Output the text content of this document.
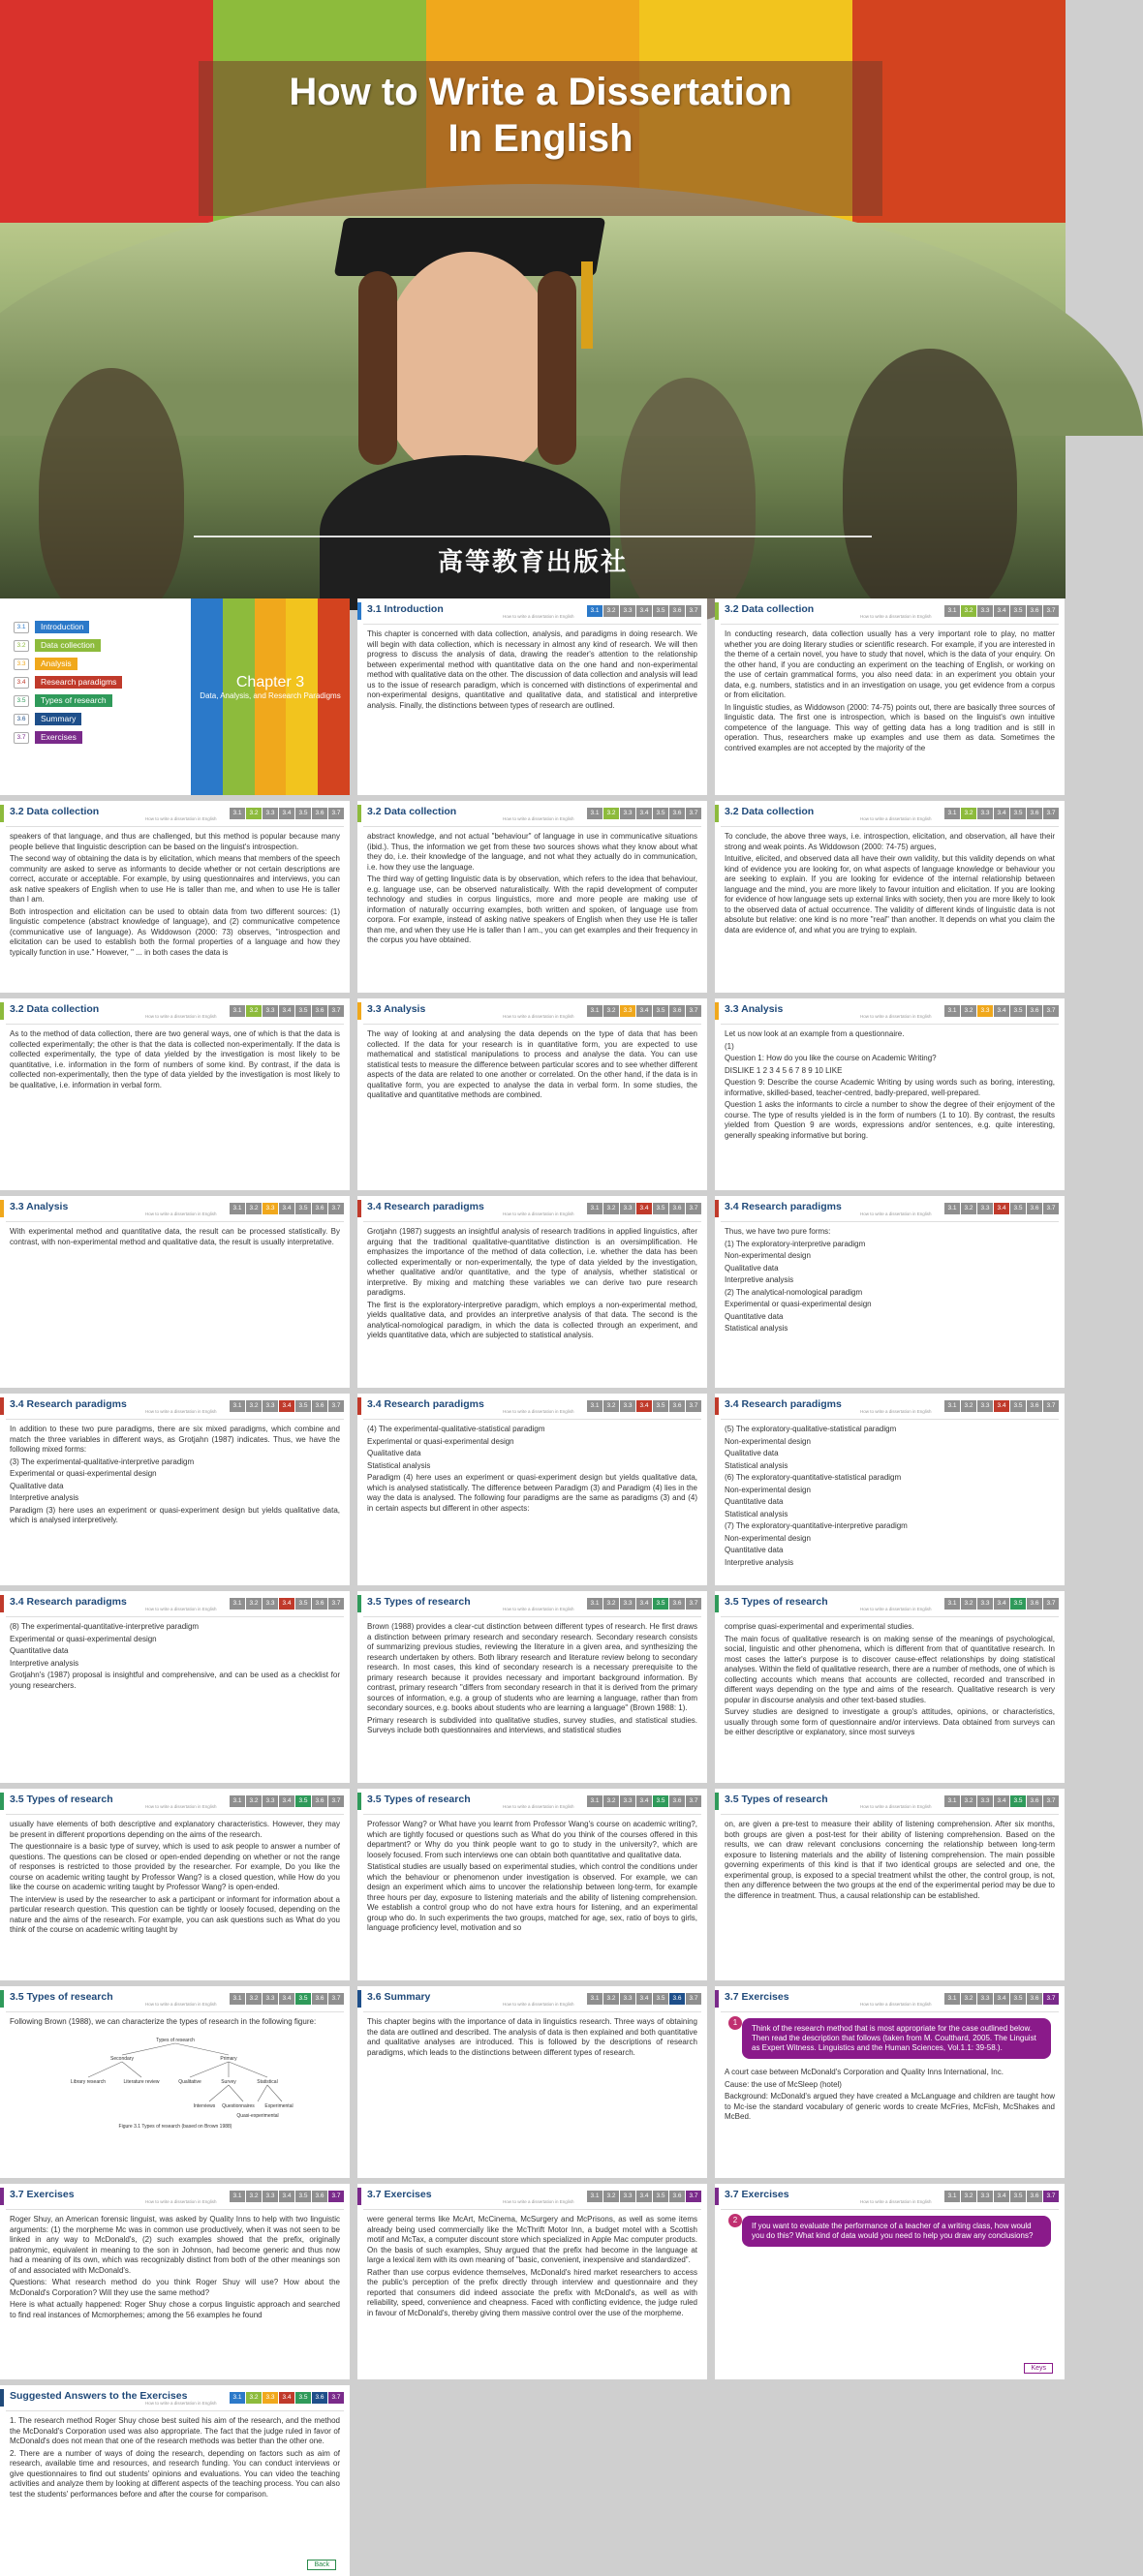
How to Write a Dissertation
In English
高等教育出版社
3.1	Introduction
3.2	Data collection
3.3	Analysis
3.4	Research paradigms
3.5	Types of research
3.6	Summary
3.7	Exercises
Chapter 3
Data, Analysis, and Research Paradigms
3.1 Introduction
How to write a dissertation in English
3.1	3.2	3.3	3.4	3.5	3.6	3.7

This chapter is concerned with data collection, analysis, and paradigms in doing research. We will begin with data collection, which is necessary in almost any kind of research. We will then progress to discuss the analysis of data, drawing the reader's attention to the relationship between experimental method with quantitative data on the one hand and non-experimental method with qualitative data on the other. The discussion of data collection and analysis will lead us to the issue of research paradigm, which is concerned with distinctions of experimental and non-experimental designs, quantitative and qualitative data, and statistical and interpretive analysis. Finally, the distinctions between types of research are outlined.

3.2 Data collection
How to write a dissertation in English
3.1	3.2	3.3	3.4	3.5	3.6	3.7

In conducting research, data collection usually has a very important role to play, no matter whether you are doing literary studies or scientific research. For example, if you are interested in the theme of a certain novel, you have to study that novel, which is the data of your enquiry. On the other hand, if you are conducting an experiment on the teaching of English, or working on the use of certain grammatical forms, you also need data: in an experiment you obtain your data, e.g. numbers, statistics and in an investigation on usage, you get evidence from a corpus or from elicitation.

In linguistic studies, as Widdowson (2000: 74-75) points out, there are basically three sources of linguistic data. The first one is introspection, which is based on the linguist's own intuitive competence of the language. This way of getting data has a long tradition and is still in operation. Thus, researchers make up examples and use them as data. Sometimes the contrived examples are not accepted by the majority of the

3.2 Data collection
How to write a dissertation in English
3.1	3.2	3.3	3.4	3.5	3.6	3.7

speakers of that language, and thus are challenged, but this method is popular because many people believe that linguistic description can be based on the linguist's introspection.

The second way of obtaining the data is by elicitation, which means that members of the speech community are asked to serve as informants to decide whether or not certain descriptions are correct, accurate or acceptable. For example, by using questionnaires and interviews, you can ask native speakers of English when to use He is taller than me, and when to use He is taller than I am.

Both introspection and elicitation can be used to obtain data from two different sources: (1) linguistic competence (abstract knowledge of language), and (2) communicative competence (communicative use of language). As Widdowson (2000: 73) observes, "introspection and elicitation can be used to establish both the formal properties of a language and how they typically function in use." However, " ... in both cases the data is

3.2 Data collection
How to write a dissertation in English
3.1	3.2	3.3	3.4	3.5	3.6	3.7

abstract knowledge, and not actual "behaviour" of language in use in communicative situations (ibid.). Thus, the information we get from these two sources shows what they know about what they do, i.e. their knowledge of the language, and not what they actually do in communication, i.e. how they use the language.

The third way of getting linguistic data is by observation, which refers to the idea that behaviour, e.g. language use, can be observed naturalistically. With the rapid development of computer technology and studies in corpus linguistics, more and more people are making use of information of naturally occurring examples, both written and spoken, of language use from corpora. For example, instead of asking native speakers of English when they use He is taller than me, and when they use He is taller than I am., you can get examples and their frequency in the corpus you have obtained.

3.2 Data collection
How to write a dissertation in English
3.1	3.2	3.3	3.4	3.5	3.6	3.7

To conclude, the above three ways, i.e. introspection, elicitation, and observation, all have their strong and weak points. As Widdowson (2000: 74-75) argues,

Intuitive, elicited, and observed data all have their own validity, but this validity depends on what kind of evidence you are looking for, on what aspects of language knowledge or behaviour you are seeking to explain. If you are looking for evidence of the internal relationship between language and the mind, you are more likely to favour intuition and elicitation. If you are looking for evidence of how language sets up external links with society, then you are more likely to look to the observed data of actual occurrence. The validity of different kinds of linguistic data is not absolute but relative: one kind is no more "real" than another. It depends on what you claim the data are evidence of, and what you are trying to explain.

3.2 Data collection
How to write a dissertation in English
3.1	3.2	3.3	3.4	3.5	3.6	3.7

As to the method of data collection, there are two general ways, one of which is that the data is collected experimentally; the other is that the data is collected non-experimentally. If the data is collected experimentally, the type of data yielded by the investigation is most likely to be quantitative, i.e. information in the form of numbers of some kind. By contrast, if the data is collected non-experimentally, then the type of data yielded by the investigation is most likely to be qualitative, i.e. information in verbal form.

3.3 Analysis
How to write a dissertation in English
3.1	3.2	3.3	3.4	3.5	3.6	3.7

The way of looking at and analysing the data depends on the type of data that has been collected. If the data for your research is in quantitative form, you are expected to use mathematical and statistical manipulations to process and analyse the data. You can use statistical tests to measure the difference between particular scores and to see whether different aspects of the data are related to one another or correlated. On the other hand, if the data is in qualitative form, you are expected to analyse the data in verbal form. In some studies, the qualitative and quantitative methods are combined.

3.3 Analysis
How to write a dissertation in English
3.1	3.2	3.3	3.4	3.5	3.6	3.7

Let us now look at an example from a questionnaire.

(1)

Question 1: How do you like the course on Academic Writing?

DISLIKE 1 2 3 4 5 6 7 8 9 10 LIKE

Question 9: Describe the course Academic Writing by using words such as boring, interesting, informative, skilled-based, teacher-centred, badly-prepared, well-prepared.

Question 1 asks the informants to circle a number to show the degree of their enjoyment of the course. The type of results yielded is in the form of numbers (1 to 10). By contrast, the results yielded from Question 9 are words, expressions and/or sentences, e.g. quite interesting, generally speaking informative but boring.

3.3 Analysis
How to write a dissertation in English
3.1	3.2	3.3	3.4	3.5	3.6	3.7

With experimental method and quantitative data, the result can be processed statistically. By contrast, with non-experimental method and qualitative data, the result is usually interpretative.

3.4 Research paradigms
How to write a dissertation in English
3.1	3.2	3.3	3.4	3.5	3.6	3.7

Grotjahn (1987) suggests an insightful analysis of research traditions in applied linguistics, after arguing that the traditional qualitative-quantitative distinction is an oversimplification. He emphasizes the importance of the method of data collection, i.e. whether the data has been collected experimentally or non-experimentally, the type of data yielded by the investigation, whether qualitative and/or quantitative, and the type of analysis, whether statistical or interpretive. By mixing and matching these variables we can derive two pure research paradigms.

The first is the exploratory-interpretive paradigm, which employs a non-experimental method, yields qualitative data, and provides an interpretive analysis of that data. The second is the analytical-nomological paradigm, in which the data is collected through an experiment, and yields quantitative data, which are subjected to statistical analysis.

3.4 Research paradigms
How to write a dissertation in English
3.1	3.2	3.3	3.4	3.5	3.6	3.7

Thus, we have two pure forms:

(1) The exploratory-interpretive paradigm

Non-experimental design

Qualitative data

Interpretive analysis

(2) The analytical-nomological paradigm

Experimental or quasi-experimental design

Quantitative data

Statistical analysis

3.4 Research paradigms
How to write a dissertation in English
3.1	3.2	3.3	3.4	3.5	3.6	3.7

In addition to these two pure paradigms, there are six mixed paradigms, which combine and match the three variables in different ways, as Grotjahn (1987) indicates. Thus, we have the following mixed forms:

(3) The experimental-qualitative-interpretive paradigm

Experimental or quasi-experimental design

Qualitative data

Interpretive analysis

Paradigm (3) here uses an experiment or quasi-experiment design but yields qualitative data, which is analysed interpretively.

3.4 Research paradigms
How to write a dissertation in English
3.1	3.2	3.3	3.4	3.5	3.6	3.7

(4) The experimental-qualitative-statistical paradigm

Experimental or quasi-experimental design

Qualitative data

Statistical analysis

Paradigm (4) here uses an experiment or quasi-experiment design but yields qualitative data, which is analysed statistically. The difference between Paradigm (3) and Paradigm (4) lies in the way the data is analysed. The following four paradigms are the same as paradigms (3) and (4) in certain aspects but different in other aspects:

3.4 Research paradigms
How to write a dissertation in English
3.1	3.2	3.3	3.4	3.5	3.6	3.7

(5) The exploratory-qualitative-statistical paradigm

Non-experimental design

Qualitative data

Statistical analysis

(6) The exploratory-quantitative-statistical paradigm

Non-experimental design

Quantitative data

Statistical analysis

(7) The exploratory-quantitative-interpretive paradigm

Non-experimental design

Quantitative data

Interpretive analysis

3.4 Research paradigms
How to write a dissertation in English
3.1	3.2	3.3	3.4	3.5	3.6	3.7

(8) The experimental-quantitative-interpretive paradigm

Experimental or quasi-experimental design

Quantitative data

Interpretive analysis

Grotjahn's (1987) proposal is insightful and comprehensive, and can be used as a checklist for young researchers.

3.5 Types of research
How to write a dissertation in English
3.1	3.2	3.3	3.4	3.5	3.6	3.7

Brown (1988) provides a clear-cut distinction between different types of research. He first draws a distinction between primary research and secondary research. Secondary research consists of summarizing previous studies, reviewing the literature in a given area, and synthesizing the research undertaken by others. Both library research and literature review belong to secondary research. In most cases, this kind of secondary research is a necessary prerequisite to the primary research because it provides necessary and important background information. By contrast, primary research "differs from secondary research in that it is derived from the primary sources of information, e.g. a group of students who are learning a language, rather than from secondary sources, e.g. books about students who are learning a language" (Brown 1988: 1).

Primary research is subdivided into qualitative studies, survey studies, and statistical studies. Surveys include both questionnaires and interviews, and statistical studies

3.5 Types of research
How to write a dissertation in English
3.1	3.2	3.3	3.4	3.5	3.6	3.7

comprise quasi-experimental and experimental studies.

The main focus of qualitative research is on making sense of the meanings of psychological, social, linguistic and other phenomena, which is different from that of quantitative research. In most cases the latter's purpose is to discover cause-effect relationships by doing statistical analyses. Within the field of qualitative research, there are a number of methods, one of which is collecting accounts which means that accounts are collected, recorded and transcribed in different ways depending on the type and aims of the research. Qualitative research is very popular in discourse analysis and other text-based studies.

Survey studies are designed to investigate a group's attitudes, opinions, or characteristics, usually through some form of questionnaire and/or interviews. Data obtained from surveys can be either descriptive or explanatory, since most surveys

3.5 Types of research
How to write a dissertation in English
3.1	3.2	3.3	3.4	3.5	3.6	3.7

usually have elements of both descriptive and explanatory characteristics. However, they may be present in different proportions depending on the aims of the research.

The questionnaire is a basic type of survey, which is used to ask people to answer a number of questions. The questions can be closed or open-ended depending on whether or not the range of responses is restricted to those provided by the researcher. For example, Do you like the course on academic writing taught by Professor Wang? is a closed question, while How do you like the course on academic writing taught by Professor Wang? is open-ended.

The interview is used by the researcher to ask a participant or informant for information about a particular research question. This question can be tightly or loosely focused, depending on the nature and the aims of the research. For example, you can ask questions such as What do you think of the course on academic writing taught by

3.5 Types of research
How to write a dissertation in English
3.1	3.2	3.3	3.4	3.5	3.6	3.7

Professor Wang? or What have you learnt from Professor Wang's course on academic writing?, which are tightly focused or questions such as What do you think of the courses offered in this department? or Why do you think people want to go to study in the university?, which are loosely focused. From such interviews one can obtain both quantitative and qualitative data.

Statistical studies are usually based on experimental studies, which control the conditions under which the behaviour or phenomenon under investigation is observed. For example, we can design an experiment which aims to uncover the relationship between long-term, for example three hours per day, exposure to listening materials and the ability of listening comprehension. We establish a control group who do not have extra hours for listening, and an experimental group who do. In such experiments the two groups, matched for age, sex, ratio of boys to girls, language proficiency level, motivation and so

3.5 Types of research
How to write a dissertation in English
3.1	3.2	3.3	3.4	3.5	3.6	3.7

on, are given a pre-test to measure their ability of listening comprehension. After six months, both groups are given a post-test for their ability of listening comprehension. Based on the results, we can draw relevant conclusions concerning the relationship between long-term exposure to listening materials and the ability of listening comprehension. The main possible governing experiments of this kind is that if two identical groups are selected and one, the experimental group, is exposed to a special treatment whilst the other, the control group, is not, then any difference between the two groups at the end of the experimental period may be due to the difference in treatment. Thus, a causal relationship can be established.

3.5 Types of research
How to write a dissertation in English
3.1	3.2	3.3	3.4	3.5	3.6	3.7

Following Brown (1988), we can characterize the types of research in the following figure:

Types of research
Secondary	Primary
Library research	Literature review	Qualitative	Survey	Statistical
Interviews Questionnaires
Quasi-experimental
Experimental
Figure 3.1 Types of research (based on Brown 1988)
3.6 Summary
How to write a dissertation in English
3.1	3.2	3.3	3.4	3.5	3.6	3.7

This chapter begins with the importance of data in linguistics research. Three ways of obtaining the data are outlined and described. The analysis of data is then explained and both quantitative and qualitative analyses are introduced. This is followed by the descriptions of research paradigms, which leads to the distinctions between different types of research.

3.7 Exercises
How to write a dissertation in English
3.1	3.2	3.3	3.4	3.5	3.6	3.7
1
Think of the research method that is most appropriate for the case outlined below. Then read the description that follows (taken from M. Coulthard, 2005. The Linguist as Expert Witness. Linguistics and the Human Sciences, Vol.1.1: 39-58.).

A court case between McDonald's Corporation and Quality Inns International, Inc.

Cause: the use of McSleep (hotel)

Background: McDonald's argued they have created a McLanguage and children are taught how to Mc-ise the standard vocabulary of generic words to create McFries, McFish, McShakes and McBed.

3.7 Exercises
How to write a dissertation in English
3.1	3.2	3.3	3.4	3.5	3.6	3.7

Roger Shuy, an American forensic linguist, was asked by Quality Inns to help with two linguistic arguments: (1) the morpheme Mc was in common use productively, when it was not seen to be linked in any way to McDonald's, (2) such examples showed that the prefix, originally patronymic, equivalent in meaning to the son in Johnson, had become generic and thus now had a meaning of its own, which was recognizably distinct from both of the other meanings son of and associated with McDonald's.

Questions: What research method do you think Roger Shuy will use? How about the McDonald's Corporation? Will they use the same method?

Here is what actually happened: Roger Shuy chose a corpus linguistic approach and searched to find real instances of Mcmorphemes; among the 56 examples he found

3.7 Exercises
How to write a dissertation in English
3.1	3.2	3.3	3.4	3.5	3.6	3.7

were general terms like McArt, McCinema, McSurgery and McPrisons, as well as some items already being used commercially like the McThrift Motor Inn, a budget motel with a Scottish motif and McTax, a computer discount store which specialized in Apple Mac computer products. On the basis of such examples, Shuy argued that the prefix had become in the language at large a lexical item with its own meaning of "basic, convenient, inexpensive and standardized".

Rather than use corpus evidence themselves, McDonald's hired market researchers to access the public's perception of the prefix directly through interview and questionnaire and they reported that consumers did indeed associate the prefix with McDonald's, as well as with reliability, speed, convenience and cheapness. Faced with conflicting evidence, the judge ruled in favour of McDonald's, thereby giving them massive control over the use of the morpheme.

3.7 Exercises
How to write a dissertation in English
3.1	3.2	3.3	3.4	3.5	3.6	3.7
2
If you want to evaluate the performance of a teacher of a writing class, how would you do this? What kind of data would you need to help you draw any conclusions?
Keys
Suggested Answers to the Exercises
How to write a dissertation in English
3.1	3.2	3.3	3.4	3.5	3.6	3.7

1. The research method Roger Shuy chose best suited his aim of the research, and the method the McDonald's Corporation used was also appropriate. The fact that the judge ruled in favor of McDonald's does not mean that one of the research methods was better than the other one.

2. There are a number of ways of doing the research, depending on factors such as aim of research, available time and resources, and research funding. You can conduct interviews or give questionnaires to find out students' opinions and evaluations. You can video the teaching activities and analyze them by looking at different aspects of the teaching process. You can also test the students' performances before and after the course for comparison.

Back
